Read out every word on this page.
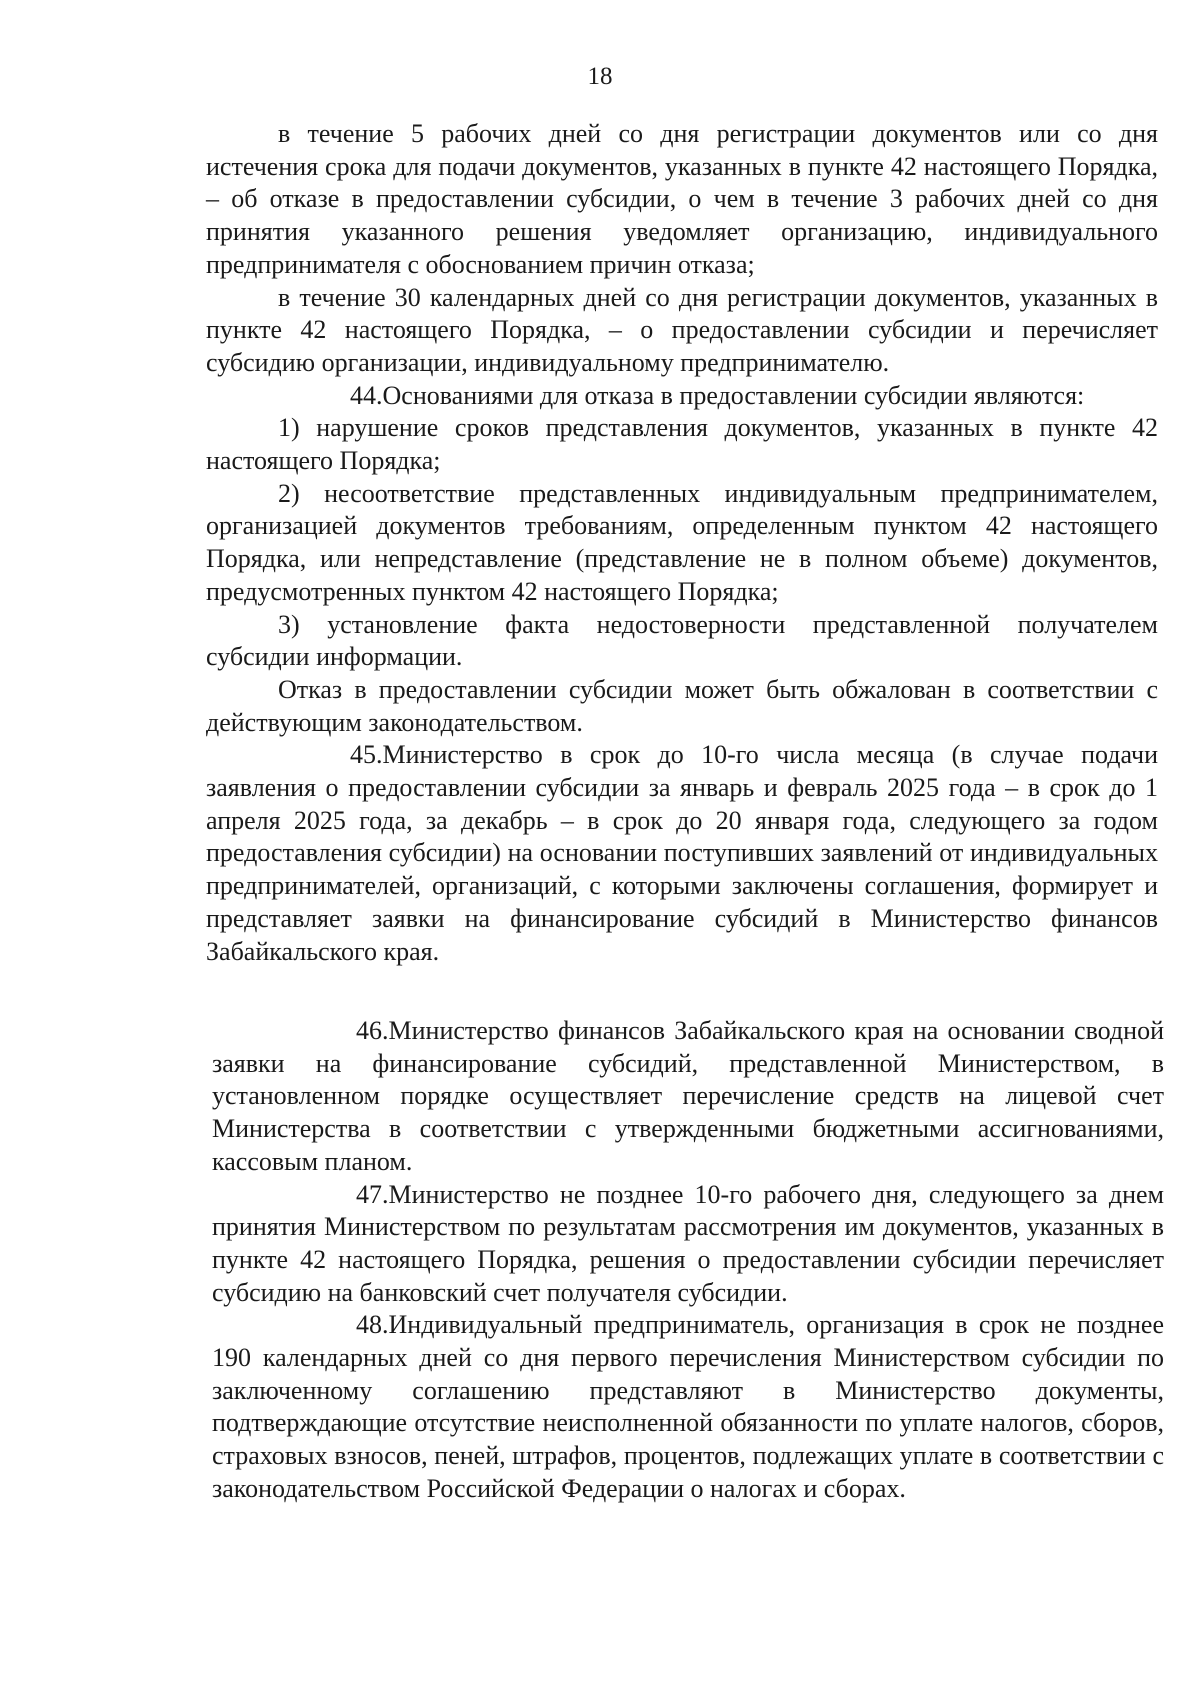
18

в течение 5 рабочих дней со дня регистрации документов или со дня истечения срока для подачи документов, указанных в пункте 42 настоящего Порядка, – об отказе в предоставлении субсидии, о чем в течение 3 рабочих дней со дня принятия указанного решения уведомляет организацию, индивидуального предпринимателя с обоснованием причин отказа;

в течение 30 календарных дней со дня регистрации документов, указанных в пункте 42 настоящего Порядка, – о предоставлении субсидии и перечисляет субсидию организации, индивидуальному предпринимателю.

44.Основаниями для отказа в предоставлении субсидии являются:

1) нарушение сроков представления документов, указанных в пункте 42 настоящего Порядка;

2) несоответствие представленных индивидуальным предпринимателем, организацией документов требованиям, определенным пунктом 42 настоящего Порядка, или непредставление (представление не в полном объеме) документов, предусмотренных пунктом 42 настоящего Порядка;

3) установление факта недостоверности представленной получателем субсидии информации.

Отказ в предоставлении субсидии может быть обжалован в соответствии с действующим законодательством.

45.Министерство в срок до 10-го числа месяца (в случае подачи заявления о предоставлении субсидии за январь и февраль 2025 года – в срок до 1 апреля 2025 года, за декабрь – в срок до 20 января года, следующего за годом предоставления субсидии) на основании поступивших заявлений от индивидуальных предпринимателей, организаций, с которыми заключены соглашения, формирует и представляет заявки на финансирование субсидий в Министерство финансов Забайкальского края.

46.Министерство финансов Забайкальского края на основании сводной заявки на финансирование субсидий, представленной Министерством, в установленном порядке осуществляет перечисление средств на лицевой счет Министерства в соответствии с утвержденными бюджетными ассигнованиями, кассовым планом.

47.Министерство не позднее 10-го рабочего дня, следующего за днем принятия Министерством по результатам рассмотрения им документов, указанных в пункте 42 настоящего Порядка, решения о предоставлении субсидии перечисляет субсидию на банковский счет получателя субсидии.

48.Индивидуальный предприниматель, организация в срок не позднее 190 календарных дней со дня первого перечисления Министерством субсидии по заключенному соглашению представляют в Министерство документы, подтверждающие отсутствие неисполненной обязанности по уплате налогов, сборов, страховых взносов, пеней, штрафов, процентов, подлежащих уплате в соответствии с законодательством Российской Федерации о налогах и сборах.
